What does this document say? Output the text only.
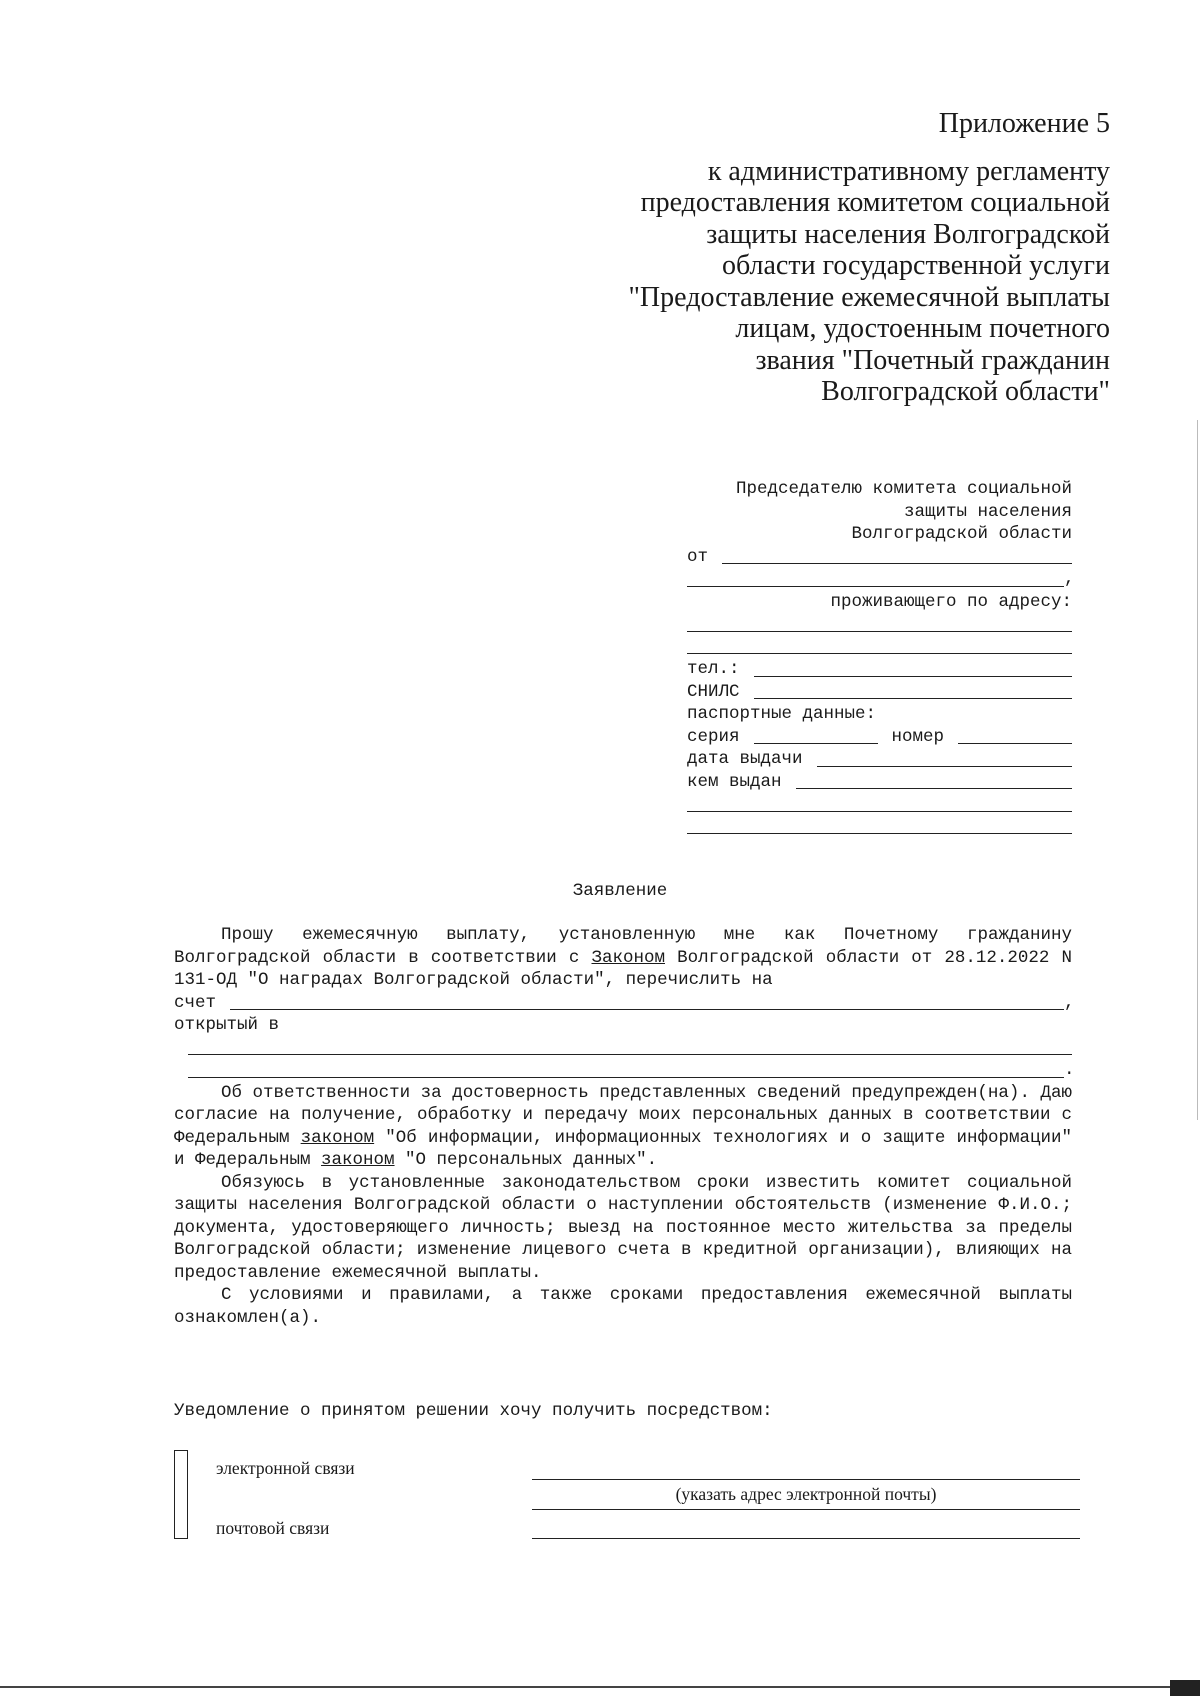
Приложение 5
к административному регламенту
предоставления комитетом социальной
защиты населения Волгоградской
области государственной услуги
"Предоставление ежемесячной выплаты
лицам, удостоенным почетного
звания "Почетный гражданин
Волгоградской области"
Председателю комитета социальной
защиты населения
Волгоградской области
от
,
проживающего по адресу:
тел.:
СНИЛС
паспортные данные:
серия	номер
дата выдачи
кем выдан
Заявление

Прошу ежемесячную выплату, установленную мне как Почетному гражданину Волгоградской области в соответствии с Законом Волгоградской области от 28.12.2022 N 131-ОД "О наградах Волгоградской области", перечислить на

счет	,
открытый в
.

Об ответственности за достоверность представленных сведений предупрежден(на). Даю согласие на получение, обработку и передачу моих персональных данных в соответствии с Федеральным законом "Об информации, информационных технологиях и о защите информации" и Федеральным законом "О персональных данных".

Обязуюсь в установленные законодательством сроки известить комитет социальной защиты населения Волгоградской области о наступлении обстоятельств (изменение Ф.И.О.; документа, удостоверяющего личность; выезд на постоянное место жительства за пределы Волгоградской области; изменение лицевого счета в кредитной организации), влияющих на предоставление ежемесячной выплаты.

С условиями и правилами, а также сроками предоставления ежемесячной выплаты ознакомлен(а).

Уведомление о принятом решении хочу получить посредством:
электронной связи
почтовой связи
(указать адрес электронной почты)
